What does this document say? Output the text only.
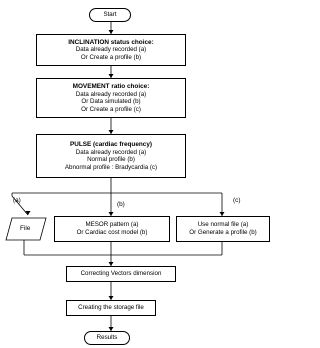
Start
INCLINATION status choice:
Data already recorded (a)
Or Create a profile (b)
MOVEMENT ratio choice:
Data already recorded (a)
Or Data simulated (b)
Or Create a profile (c)
PULSE (cardiac frequency)
Data already recorded (a)
Normal profile (b)
Abnormal profile : Bradycardia (c)
(a)
(b)
(c)
MESOR pattern (a)
Or Cardiac cost model (b)
Use normal file (a)
Or Generate a profile (b)
Correcting Vectors dimension
Creating the storage file
Results
File
